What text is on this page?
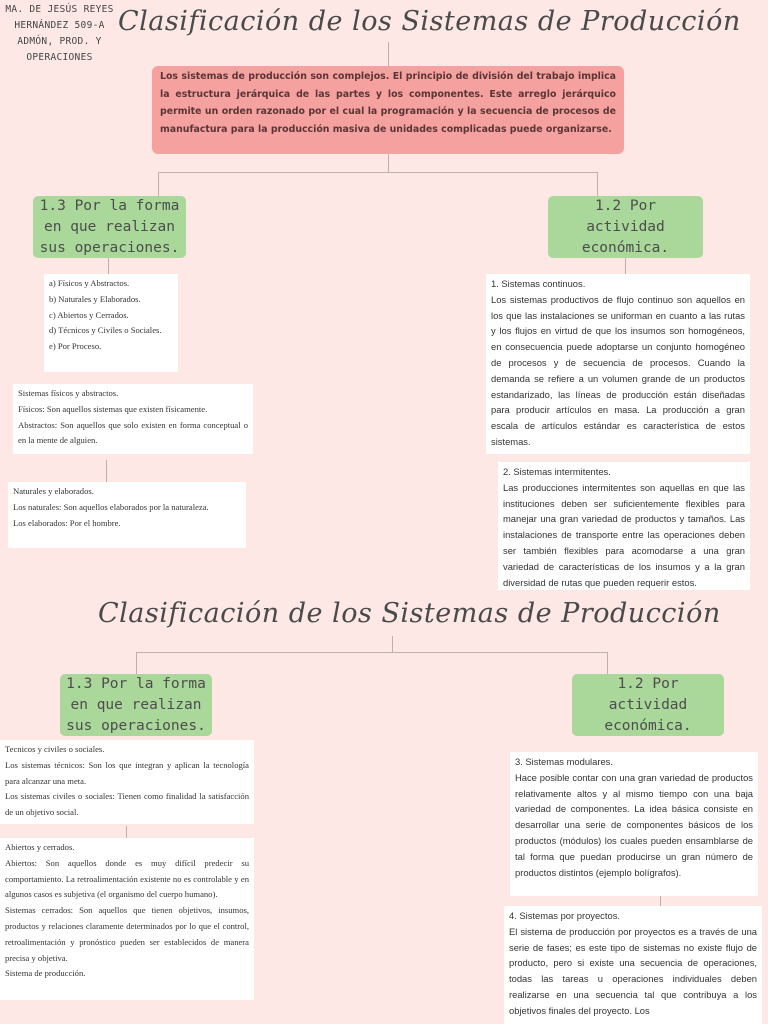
MA. DE JESÚS REYES
HERNÁNDEZ 509-A
ADMÓN, PROD. Y
OPERACIONES
Clasificación de los Sistemas de Producción
Los sistemas de producción son complejos. El principio de división del trabajo implica la estructura jerárquica de las partes y los componentes. Este arreglo jerárquico permite un orden razonado por el cual la programación y la secuencia de procesos de manufactura para la producción masiva de unidades complicadas puede organizarse.
1.3 Por la forma en que realizan sus operaciones.
1.2 Por actividad económica.

a) Físicos y Abstractos.

b) Naturales y Elaborados.

c) Abiertos y Cerrados.

d) Técnicos y Civiles o Sociales.

e) Por Proceso.

Sistemas físicos y abstractos.

Físicos: Son aquellos sistemas que existen físicamente.

Abstractos: Son aquellos que solo existen en forma conceptual o en la mente de alguien.

Naturales y elaborados.

Los naturales: Son aquellos elaborados por la naturaleza.

Los elaborados: Por el hombre.

1. Sistemas continuos.

Los sistemas productivos de flujo continuo son aquellos en los que las instalaciones se uniforman en cuanto a las rutas y los flujos en virtud de que los insumos son homogéneos, en consecuencia puede adoptarse un conjunto homogéneo de procesos y de secuencia de procesos. Cuando la demanda se refiere a un volumen grande de un productos estandarizado, las líneas de producción están diseñadas para producir artículos en masa. La producción a gran escala de artículos estándar es característica de estos sistemas.

2. Sistemas intermitentes.

Las producciones intermitentes son aquellas en que las instituciones deben ser suficientemente flexibles para manejar una gran variedad de productos y tamaños. Las instalaciones de transporte entre las operaciones deben ser también flexibles para acomodarse a una gran variedad de características de los insumos y a la gran diversidad de rutas que pueden requerir estos.

Clasificación de los Sistemas de Producción
1.3 Por la forma en que realizan sus operaciones.
1.2 Por actividad económica.

Tecnicos y civiles o sociales.

Los sistemas técnicos: Son los que integran y aplican la tecnología para alcanzar una meta.

Los sistemas civiles o sociales: Tienen como finalidad la satisfacción de un objetivo social.

Abiertos y cerrados.

Abiertos: Son aquellos donde es muy difícil predecir su comportamiento. La retroalimentación existente no es controlable y en algunos casos es subjetiva (el organismo del cuerpo humano).

Sistemas cerrados: Son aquellos que tienen objetivos, insumos, productos y relaciones claramente determinados por lo que el control, retroalimentación y pronóstico pueden ser establecidos de manera precisa y objetiva.

Sistema de producción.

3. Sistemas modulares.

Hace posible contar con una gran variedad de productos relativamente altos y al mismo tiempo con una baja variedad de componentes. La idea básica consiste en desarrollar una serie de componentes básicos de los productos (módulos) los cuales pueden ensamblarse de tal forma que puedan producirse un gran número de productos distintos (ejemplo bolígrafos).

4. Sistemas por proyectos.

El sistema de producción por proyectos es a través de una serie de fases; es este tipo de sistemas no existe flujo de producto, pero si existe una secuencia de operaciones, todas las tareas u operaciones individuales deben realizarse en una secuencia tal que contribuya a los objetivos finales del proyecto. Los
